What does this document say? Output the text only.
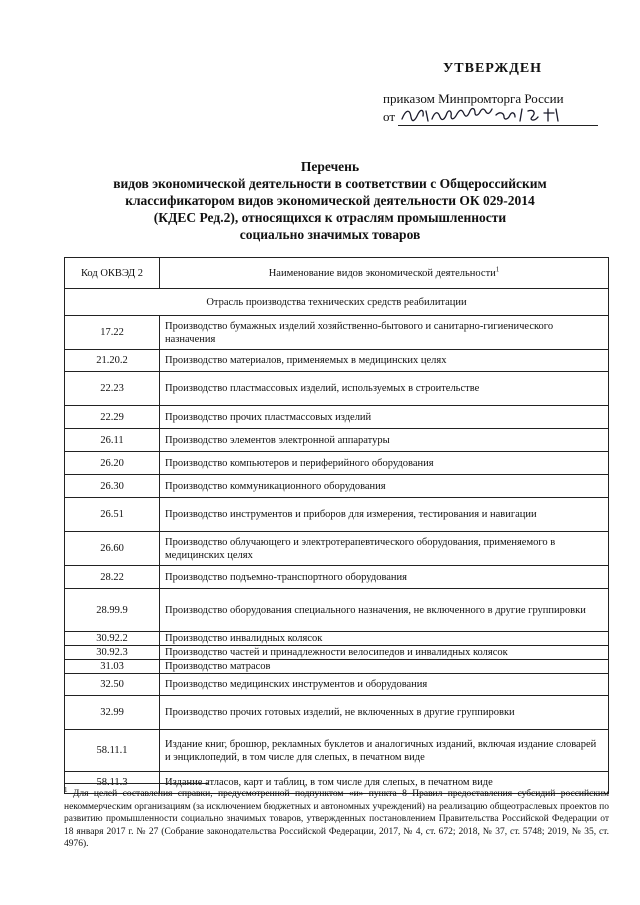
УТВЕРЖДЕН
приказом Минпромторга России
от
Перечень
видов экономической деятельности в соответствии с Общероссийским
классификатором видов экономической деятельности ОК 029-2014
(КДЕС Ред.2), относящихся к отраслям промышленности
социально значимых товаров
Код ОКВЭД 2	Наименование видов экономической деятельности$^1$
Отрасль производства технических средств реабилитации	
17.22	Производство бумажных изделий хозяйственно-бытового и санитарно-гигиенического назначения
21.20.2	Производство материалов, применяемых в медицинских целях
22.23	Производство пластмассовых изделий, используемых в строительстве
22.29	Производство прочих пластмассовых изделий
26.11	Производство элементов электронной аппаратуры
26.20	Производство компьютеров и периферийного оборудования
26.30	Производство коммуникационного оборудования
26.51	Производство инструментов и приборов для измерения, тестирования и навигации
26.60	Производство облучающего и электротерапевтического оборудования, применяемого в медицинских целях
28.22	Производство подъемно-транспортного оборудования
28.99.9	Производство оборудования специального назначения, не включенного в другие группировки
30.92.2	Производство инвалидных колясок
30.92.3	Производство частей и принадлежности велосипедов и инвалидных колясок
31.03	Производство матрасов
32.50	Производство медицинских инструментов и оборудования
32.99	Производство прочих готовых изделий, не включенных в другие группировки
58.11.1	Издание книг, брошюр, рекламных буклетов и аналогичных изданий, включая издание словарей и энциклопедий, в том числе для слепых, в печатном виде
58.11.3	Издание атласов, карт и таблиц, в том числе для слепых, в печатном виде
$^1$ Для целей составления справки, предусмотренной подпунктом «и» пункта 8 Правил предоставления субсидий российским некоммерческим организациям (за исключением бюджетных и автономных учреждений) на реализацию общеотраслевых проектов по развитию промышленности социально значимых товаров, утвержденных постановлением Правительства Российской Федерации от 18 января 2017 г. № 27 (Собрание законодательства Российской Федерации, 2017, № 4, ст. 672; 2018, № 37, ст. 5748; 2019, № 35, ст. 4976).
